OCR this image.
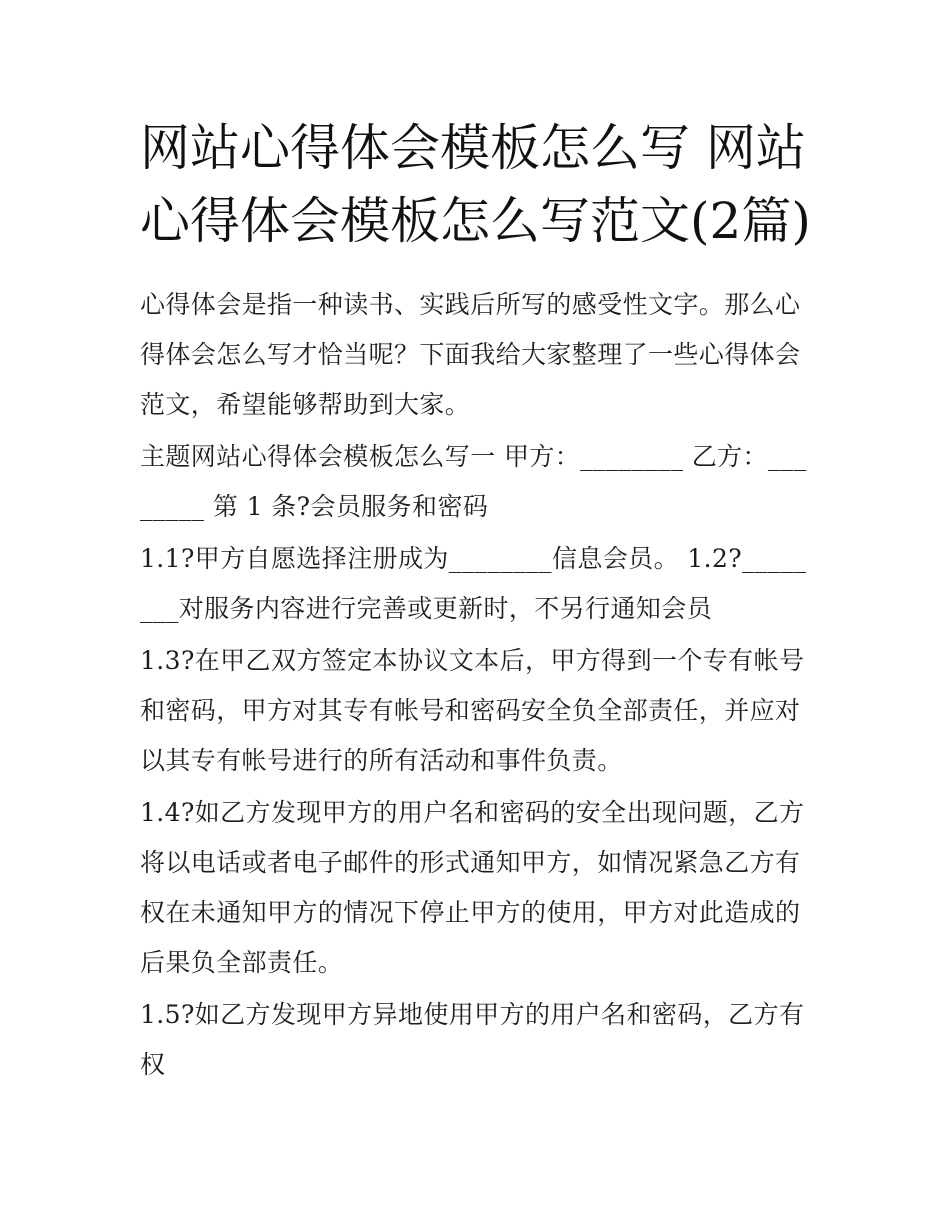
网站心得体会模板怎么写 网站心得体会模板怎么写范文(2篇)

心得体会是指一种读书、实践后所写的感受性文字。那么心得体会怎么写才恰当呢？下面我给大家整理了一些心得体会范文，希望能够帮助到大家。

主题网站心得体会模板怎么写一 甲方：________ 乙方：________ 第 1 条?会员服务和密码

1.1?甲方自愿选择注册成为________信息会员。 1.2?________对服务内容进行完善或更新时，不另行通知会员

1.3?在甲乙双方签定本协议文本后，甲方得到一个专有帐号和密码，甲方对其专有帐号和密码安全负全部责任，并应对以其专有帐号进行的所有活动和事件负责。

1.4?如乙方发现甲方的用户名和密码的安全出现问题，乙方将以电话或者电子邮件的形式通知甲方，如情况紧急乙方有权在未通知甲方的情况下停止甲方的使用，甲方对此造成的后果负全部责任。

1.5?如乙方发现甲方异地使用甲方的用户名和密码，乙方有权
